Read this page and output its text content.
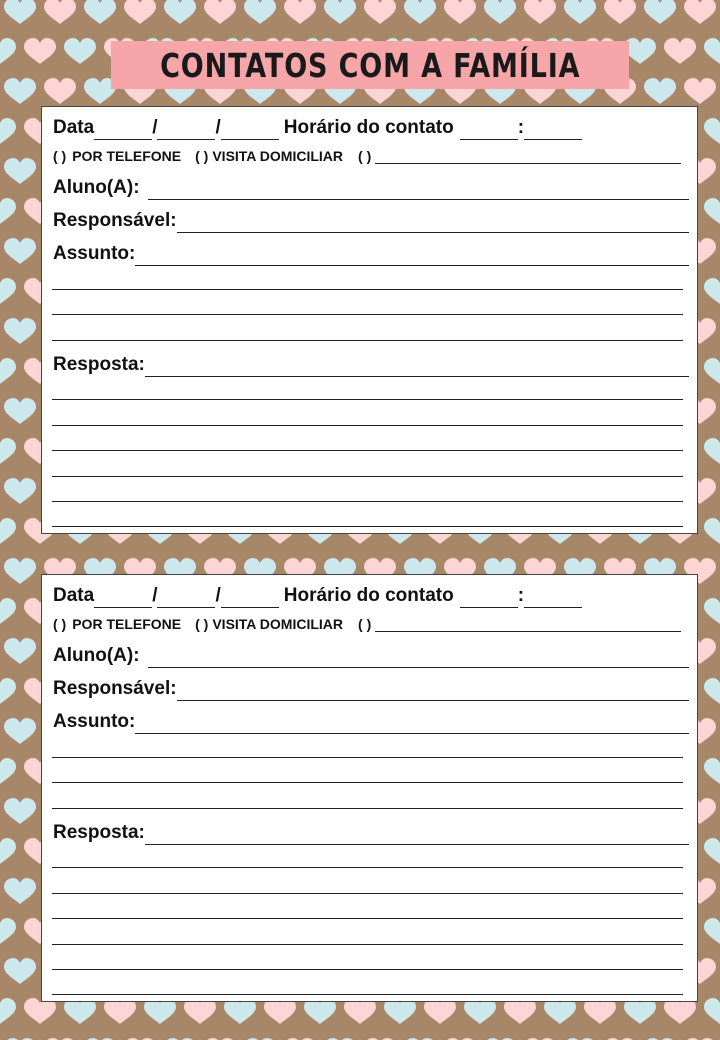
CONTATOS COM A FAMÍLIA
Data	/	/	Horário do contato	:
( ) POR TELEFONE ( ) VISITA DOMICILIAR ( )
Aluno(A):
Responsável:
Assunto:
Resposta:
Data	/	/	Horário do contato	:
( ) POR TELEFONE ( ) VISITA DOMICILIAR ( )
Aluno(A):
Responsável:
Assunto:
Resposta:
